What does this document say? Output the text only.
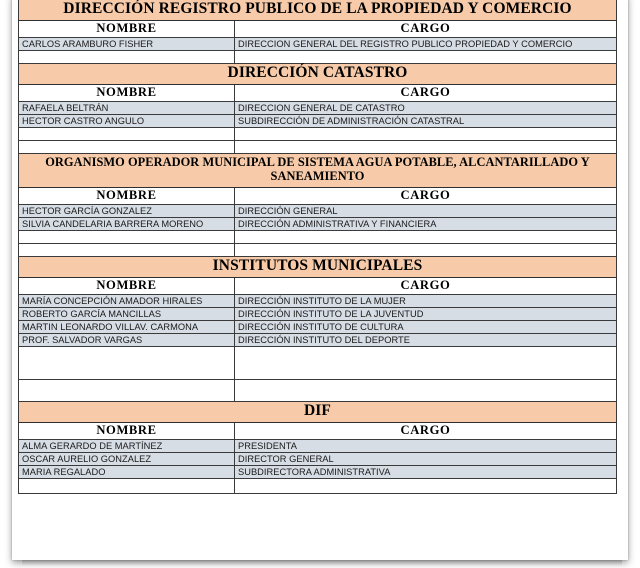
DIRECCIÓN REGISTRO PUBLICO DE LA PROPIEDAD Y COMERCIO	
NOMBRE	CARGO
CARLOS ARAMBURO FISHER	DIRECCION GENERAL DEL REGISTRO PUBLICO PROPIEDAD Y COMERCIO

DIRECCIÓN CATASTRO	
NOMBRE	CARGO
RAFAELA BELTRÁN	DIRECCION GENERAL DE CATASTRO
HECTOR CASTRO ANGULO	SUBDIRECCIÓN DE ADMINISTRACIÓN CATASTRAL

ORGANISMO OPERADOR MUNICIPAL DE SISTEMA AGUA POTABLE, ALCANTARILLADO Y SANEAMIENTO	
NOMBRE	CARGO
HECTOR GARCÍA GONZALEZ	DIRECCIÓN GENERAL
SILVIA CANDELARIA BARRERA MORENO	DIRECCIÓN ADMINISTRATIVA Y FINANCIERA

INSTITUTOS MUNICIPALES	
NOMBRE	CARGO
MARÍA CONCEPCIÓN AMADOR HIRALES	DIRECCIÓN INSTITUTO DE LA MUJER
ROBERTO GARCÍA MANCILLAS	DIRECCIÓN INSTITUTO DE LA JUVENTUD
MARTIN LEONARDO VILLAV. CARMONA	DIRECCIÓN INSTITUTO DE CULTURA
PROF. SALVADOR VARGAS	DIRECCIÓN INSTITUTO DEL DEPORTE

DIF	
NOMBRE	CARGO
ALMA GERARDO DE MARTÍNEZ	PRESIDENTA
OSCAR AURELIO GONZALEZ	DIRECTOR GENERAL
MARIA REGALADO	SUBDIRECTORA ADMINISTRATIVA
